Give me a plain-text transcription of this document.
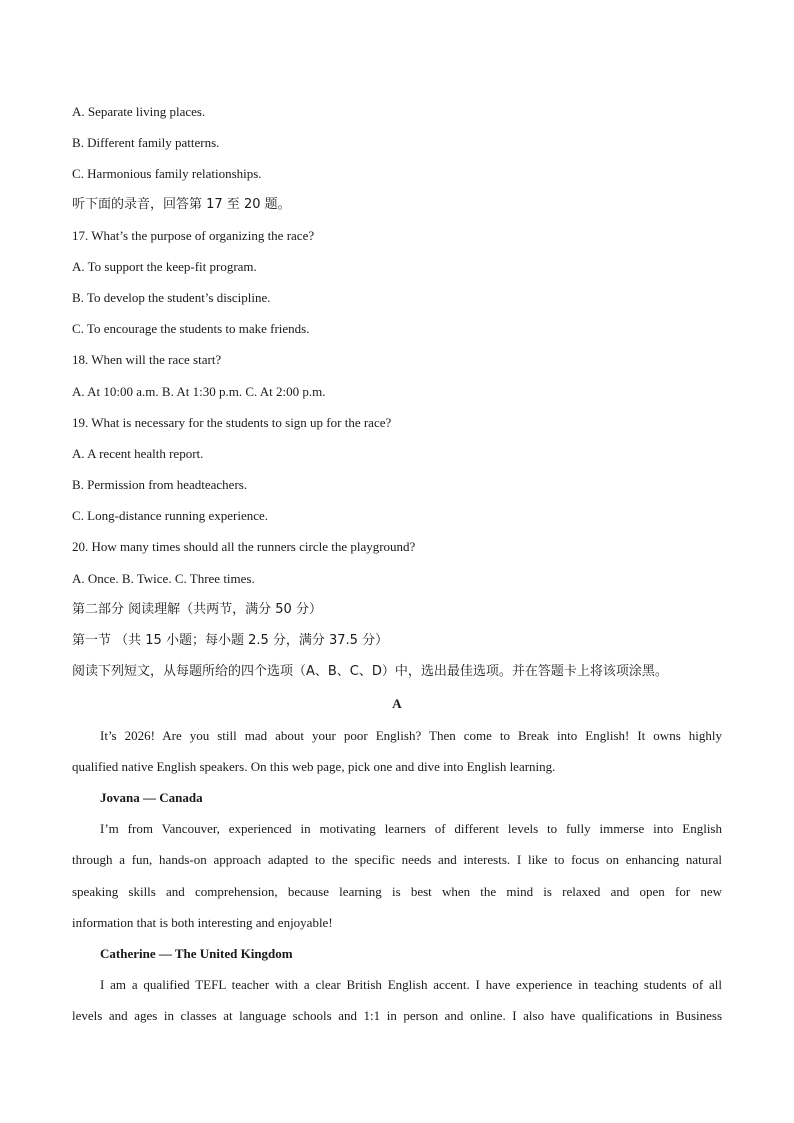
A. Separate living places.
B. Different family patterns.
C. Harmonious family relationships.
听下面的录音，回答第 17 至 20 题。
17. What’s the purpose of organizing the race?
A. To support the keep-fit program.
B. To develop the student’s discipline.
C. To encourage the students to make friends.
18. When will the race start?
A. At 10:00 a.m. B. At 1:30 p.m. C. At 2:00 p.m.
19. What is necessary for the students to sign up for the race?
A. A recent health report.
B. Permission from headteachers.
C. Long-distance running experience.
20. How many times should all the runners circle the playground?
A. Once. B. Twice. C. Three times.
第二部分 阅读理解（共两节，满分 50 分）
第一节 （共 15 小题；每小题 2.5 分，满分 37.5 分）
阅读下列短文，从每题所给的四个选项（A、B、C、D）中，选出最佳选项。并在答题卡上将该项涂黑。
A
It’s 2026! Are you still mad about your poor English? Then come to Break into English! It owns highly
qualified native English speakers. On this web page, pick one and dive into English learning.
Jovana — Canada
I’m from Vancouver, experienced in motivating learners of different levels to fully immerse into English
through a fun, hands-on approach adapted to the specific needs and interests. I like to focus on enhancing natural
speaking skills and comprehension, because learning is best when the mind is relaxed and open for new
information that is both interesting and enjoyable!
Catherine — The United Kingdom
I am a qualified TEFL teacher with a clear British English accent. I have experience in teaching students of all
levels and ages in classes at language schools and 1:1 in person and online. I also have qualifications in Business
